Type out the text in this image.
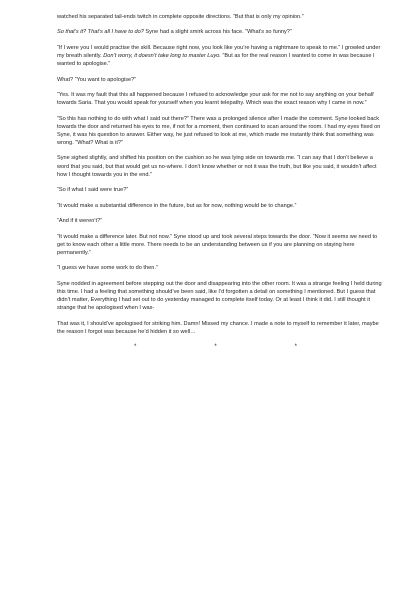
watched his separated tail-ends twitch in complete opposite directions. “But that is only my opinion.”

So that’s it? That’s all I have to do? Syne had a slight smirk across his face. “What’s so funny?”

“If I were you I would practise the skill. Because right now, you look like you’re having a nightmare to speak to me.” I growled under my breath silently. Don’t worry, it doesn’t take long to master Luyo. “But as for the real reason I wanted to come in was because I wanted to apologise.”

What? “You want to apologise?”

“Yes. It was my fault that this all happened because I refused to acknowledge your ask for me not to say anything on your behalf towards Saria. That you would speak for yourself when you learnt telepathy. Which was the exact reason why I came in now.”

“So this has nothing to do with what I said out there?” There was a prolonged silence after I made the comment. Syne looked back towards the door and returned his eyes to me, if not for a moment, then continued to scan around the room. I had my eyes fixed on Syne, it was his question to answer. Either way, he just refused to look at me, which made me instantly think that something was wrong. “What? What is it?”

Syne sighed slightly, and shifted his position on the cushion so he was lying side on towards me. “I can say that I don’t believe a word that you said, but that would get us no-where. I don’t know whether or not it was the truth, but like you said, it wouldn’t affect how I thought towards you in the end.”

“So if what I said were true?”

“It would make a substantial difference in the future, but as for now, nothing would be to change.”

“And if it weren’t?”

“It would make a difference later. But not now.” Syne stood up and took several steps towards the door. “Now it seems we need to get to know each other a little more. There needs to be an understanding between us if you are planning on staying here permanently.”

“I guess we have some work to do then.”

Syne nodded in agreement before stepping out the door and disappearing into the other room. It was a strange feeling I held during this time. I had a feeling that something should’ve been said, like I’d forgotten a detail on something I mentioned. But I guess that didn’t matter, Everything I had set out to do yesterday managed to complete itself today. Or at least I think it did. I still thought it strange that he apologised when I was-

That was it, I should’ve apologised for striking him. Damn! Missed my chance. I made a note to myself to remember it later, maybe the reason I forgot was because he’d hidden it so well…

*	*	*
